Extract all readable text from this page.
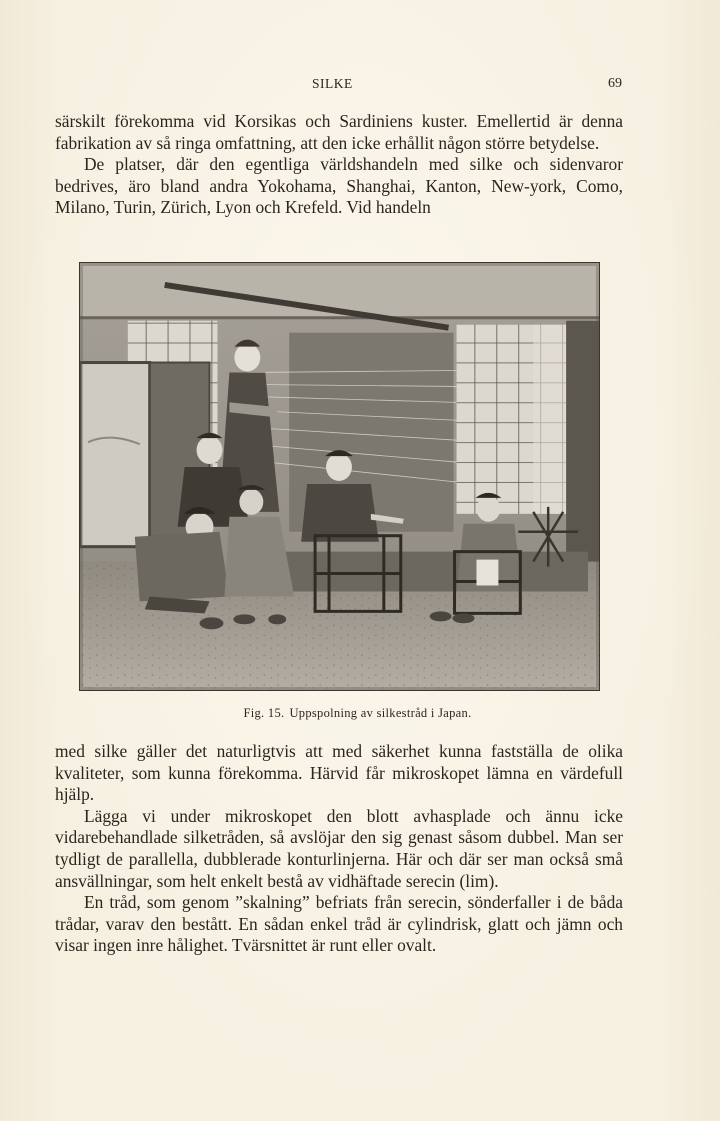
SILKE	69

särskilt förekomma vid Korsikas och Sardiniens kuster. Emellertid är denna fabrikation av så ringa omfattning, att den icke erhållit någon större betydelse.

De platser, där den egentliga världshandeln med silke och sidenvaror bedrives, äro bland andra Yokohama, Shanghai, Kanton, New-york, Como, Milano, Turin, Zürich, Lyon och Krefeld. Vid handeln

Fig. 15. Uppspolning av silkestråd i Japan.

med silke gäller det naturligtvis att med säkerhet kunna fastställa de olika kvaliteter, som kunna förekomma. Härvid får mikroskopet lämna en värdefull hjälp.

Lägga vi under mikroskopet den blott avhasplade och ännu icke vidarebehandlade silketråden, så avslöjar den sig genast såsom dubbel. Man ser tydligt de parallella, dubblerade konturlinjerna. Här och där ser man också små ansvällningar, som helt enkelt bestå av vidhäftade serecin (lim).

En tråd, som genom ”skalning” befriats från serecin, sönderfaller i de båda trådar, varav den bestått. En sådan enkel tråd är cylindrisk, glatt och jämn och visar ingen inre hålighet. Tvärsnittet är runt eller ovalt.
